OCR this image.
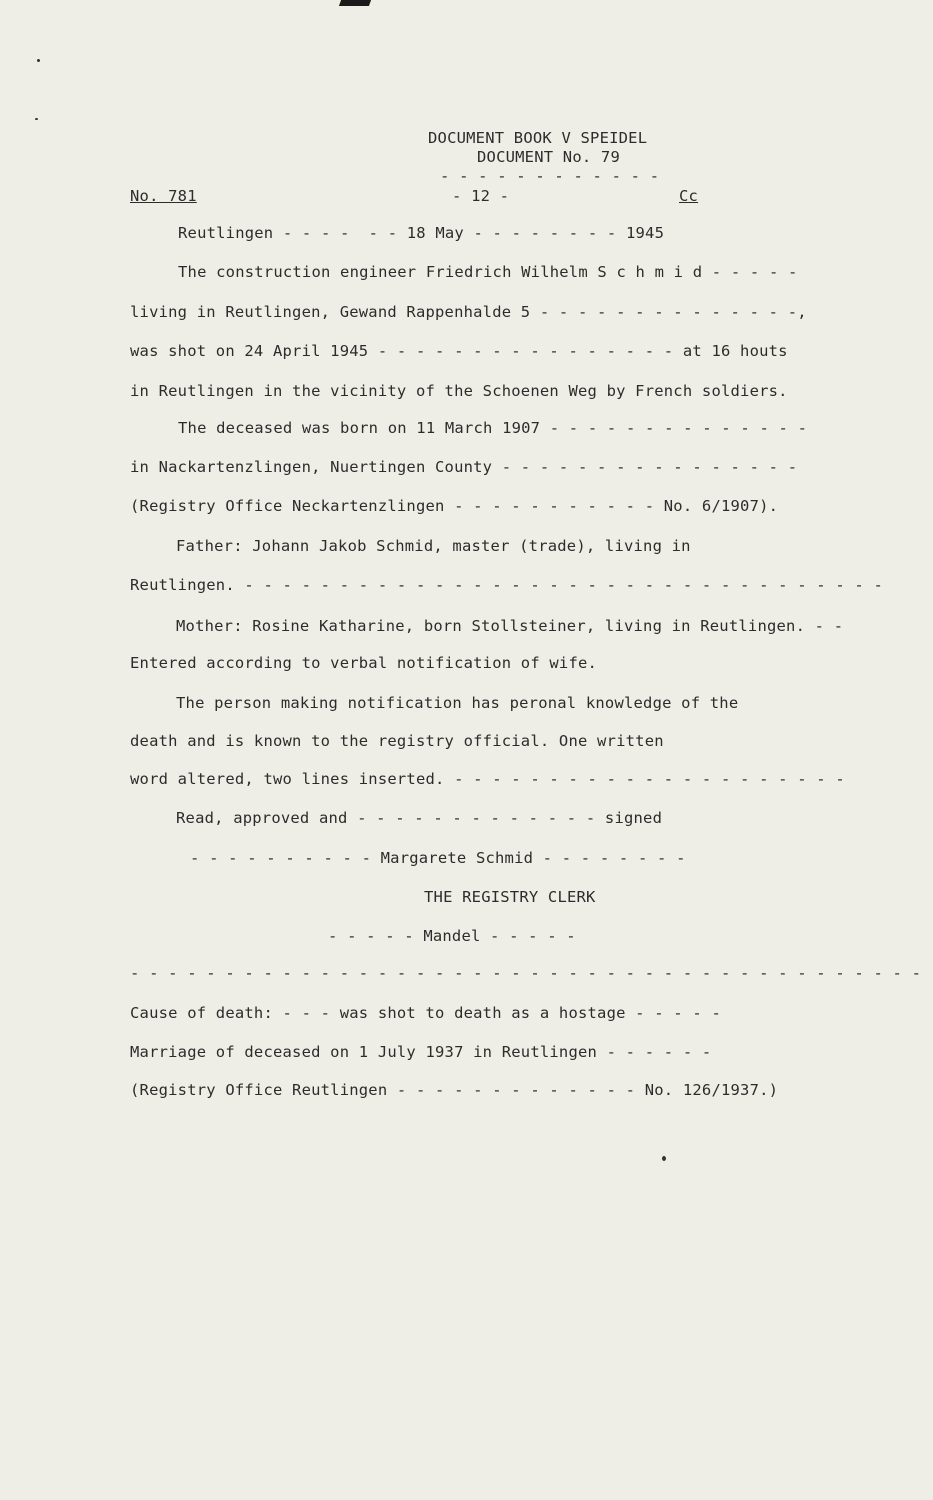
DOCUMENT BOOK V SPEIDEL
DOCUMENT No. 79
- - - - - - - - - - - -
No. 781	- 12 -	Cc
Reutlingen - - - -  - - 18 May - - - - - - - - 1945
The construction engineer Friedrich Wilhelm S c h m i d - - - - -
living in Reutlingen, Gewand Rappenhalde 5 - - - - - - - - - - - - - -,
was shot on 24 April 1945 - - - - - - - - - - - - - - - - at 16 houts
in Reutlingen in the vicinity of the Schoenen Weg by French soldiers.
The deceased was born on 11 March 1907 - - - - - - - - - - - - - -
in Nackartenzlingen, Nuertingen County - - - - - - - - - - - - - - - -
(Registry Office Neckartenzlingen - - - - - - - - - - - No. 6/1907).
Father: Johann Jakob Schmid, master (trade), living in
Reutlingen. - - - - - - - - - - - - - - - - - - - - - - - - - - - - - - - - - -
Mother: Rosine Katharine, born Stollsteiner, living in Reutlingen. - -
Entered according to verbal notification of wife.
The person making notification has peronal knowledge of the
death and is known to the registry official. One written
word altered, two lines inserted. - - - - - - - - - - - - - - - - - - - - -
Read, approved and - - - - - - - - - - - - - signed
- - - - - - - - - - Margarete Schmid - - - - - - - -
THE REGISTRY CLERK
- - - - - Mandel - - - - -
- - - - - - - - - - - - - - - - - - - - - - - - - - - - - - - - - - - - - - - - - -
Cause of death: - - - was shot to death as a hostage - - - - -
Marriage of deceased on 1 July 1937 in Reutlingen - - - - - -
(Registry Office Reutlingen - - - - - - - - - - - - - No. 126/1937.)
